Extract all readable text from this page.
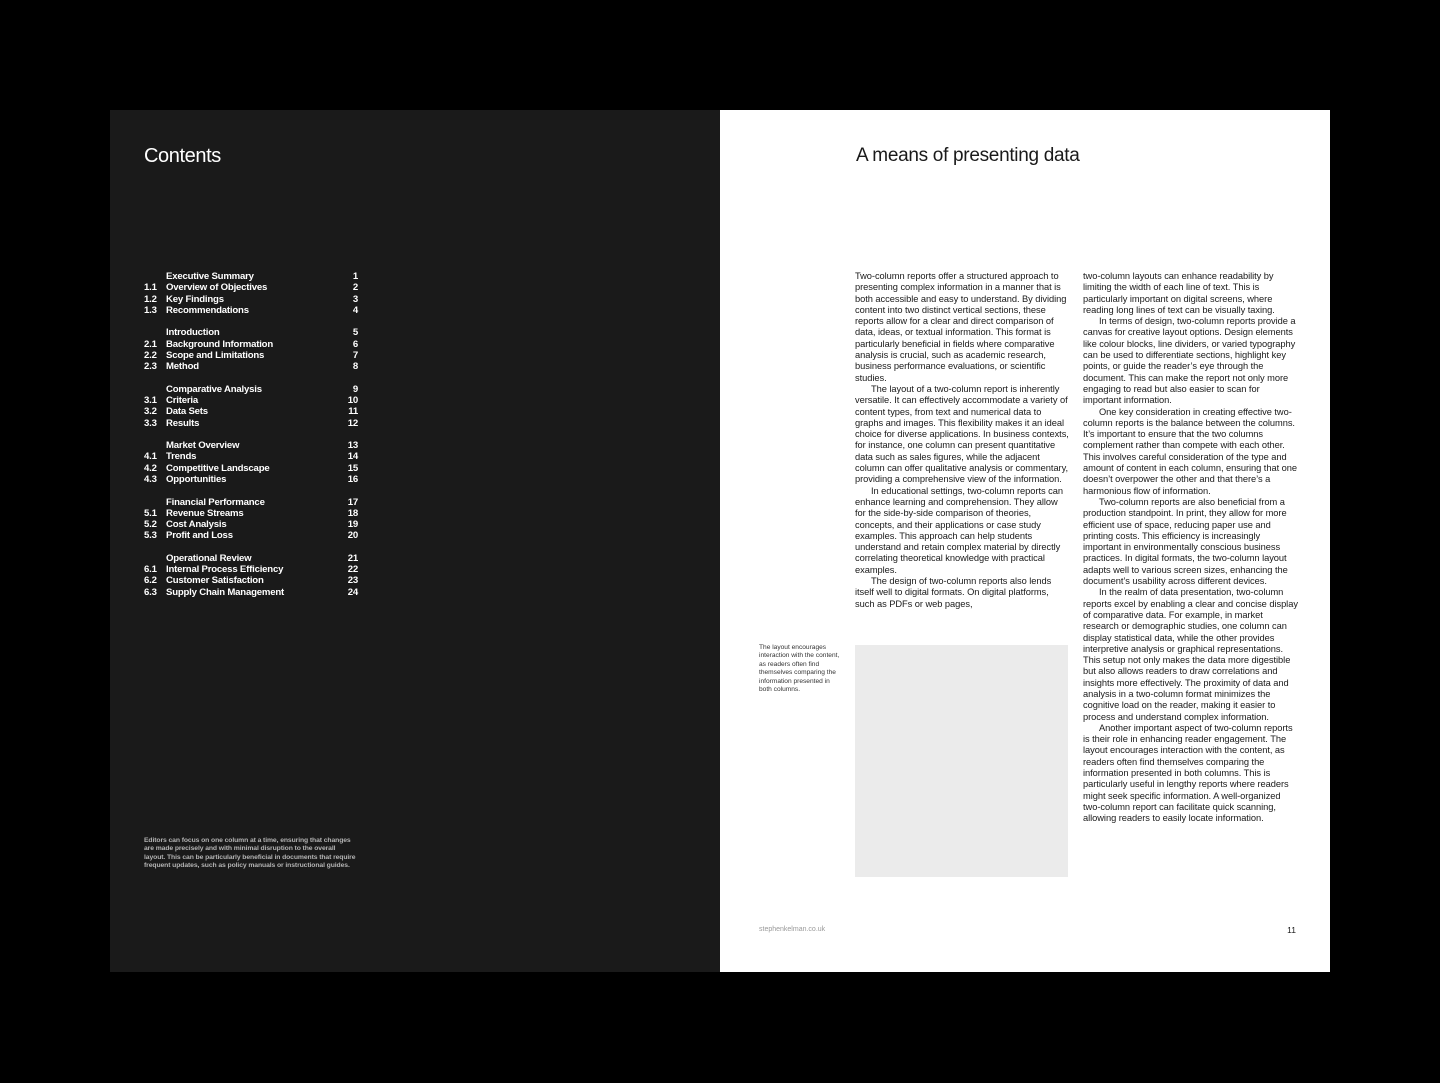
Contents
Executive Summary	1
1.1 Overview of Objectives	2
1.2 Key Findings	3
1.3 Recommendations	4
Introduction	5
2.1 Background Information	6
2.2 Scope and Limitations	7
2.3 Method	8
Comparative Analysis	9
3.1 Criteria	10
3.2 Data Sets	11
3.3 Results	12
Market Overview	13
4.1 Trends	14
4.2 Competitive Landscape	15
4.3 Opportunities	16
Financial Performance	17
5.1 Revenue Streams	18
5.2 Cost Analysis	19
5.3 Profit and Loss	20
Operational Review	21
6.1 Internal Process Efficiency	22
6.2 Customer Satisfaction	23
6.3 Supply Chain Management	24

Editors can focus on one column at a time, ensuring that changes are made precisely and with minimal disruption to the overall layout. This can be particularly beneficial in documents that require frequent updates, such as policy manuals or instructional guides.

A means of presenting data

Two-column reports offer a structured approach to presenting complex information in a manner that is both accessible and easy to understand. By dividing content into two distinct vertical sections, these reports allow for a clear and direct comparison of data, ideas, or textual information. This format is particularly beneficial in fields where comparative analysis is crucial, such as academic research, business performance evaluations, or scientific studies.

The layout of a two-column report is inherently versatile. It can effectively accommodate a variety of content types, from text and numerical data to graphs and images. This flexibility makes it an ideal choice for diverse applications. In business contexts, for instance, one column can present quantitative data such as sales figures, while the adjacent column can offer qualitative analysis or commentary, providing a comprehensive view of the information.

In educational settings, two-column reports can enhance learning and comprehension. They allow for the side-by-side comparison of theories, concepts, and their applications or case study examples. This approach can help students understand and retain complex material by directly correlating theoretical knowledge with practical examples.

The design of two-column reports also lends itself well to digital formats. On digital platforms, such as PDFs or web pages,

two-column layouts can enhance readability by limiting the width of each line of text. This is particularly important on digital screens, where reading long lines of text can be visually taxing.

In terms of design, two-column reports provide a canvas for creative layout options. Design elements like colour blocks, line dividers, or varied typography can be used to differentiate sections, highlight key points, or guide the reader’s eye through the document. This can make the report not only more engaging to read but also easier to scan for important information.

One key consideration in creating effective two-column reports is the balance between the columns. It’s important to ensure that the two columns complement rather than compete with each other. This involves careful consideration of the type and amount of content in each column, ensuring that one doesn’t overpower the other and that there’s a harmonious flow of information.

Two-column reports are also beneficial from a production standpoint. In print, they allow for more efficient use of space, reducing paper use and printing costs. This efficiency is increasingly important in environmentally conscious business practices. In digital formats, the two-column layout adapts well to various screen sizes, enhancing the document’s usability across different devices.

In the realm of data presentation, two-column reports excel by enabling a clear and concise display of comparative data. For example, in market research or demographic studies, one column can display statistical data, while the other provides interpretive analysis or graphical representations. This setup not only makes the data more digestible but also allows readers to draw correlations and insights more effectively. The proximity of data and analysis in a two-column format minimizes the cognitive load on the reader, making it easier to process and understand complex information.

Another important aspect of two-column reports is their role in enhancing reader engagement. The layout encourages interaction with the content, as readers often find themselves comparing the information presented in both columns. This is particularly useful in lengthy reports where readers might seek specific information. A well-organized two-column report can facilitate quick scanning, allowing readers to easily locate information.

The layout encourages interaction with the content, as readers often find themselves comparing the information presented in both columns.

stephenkelman.co.uk	11
